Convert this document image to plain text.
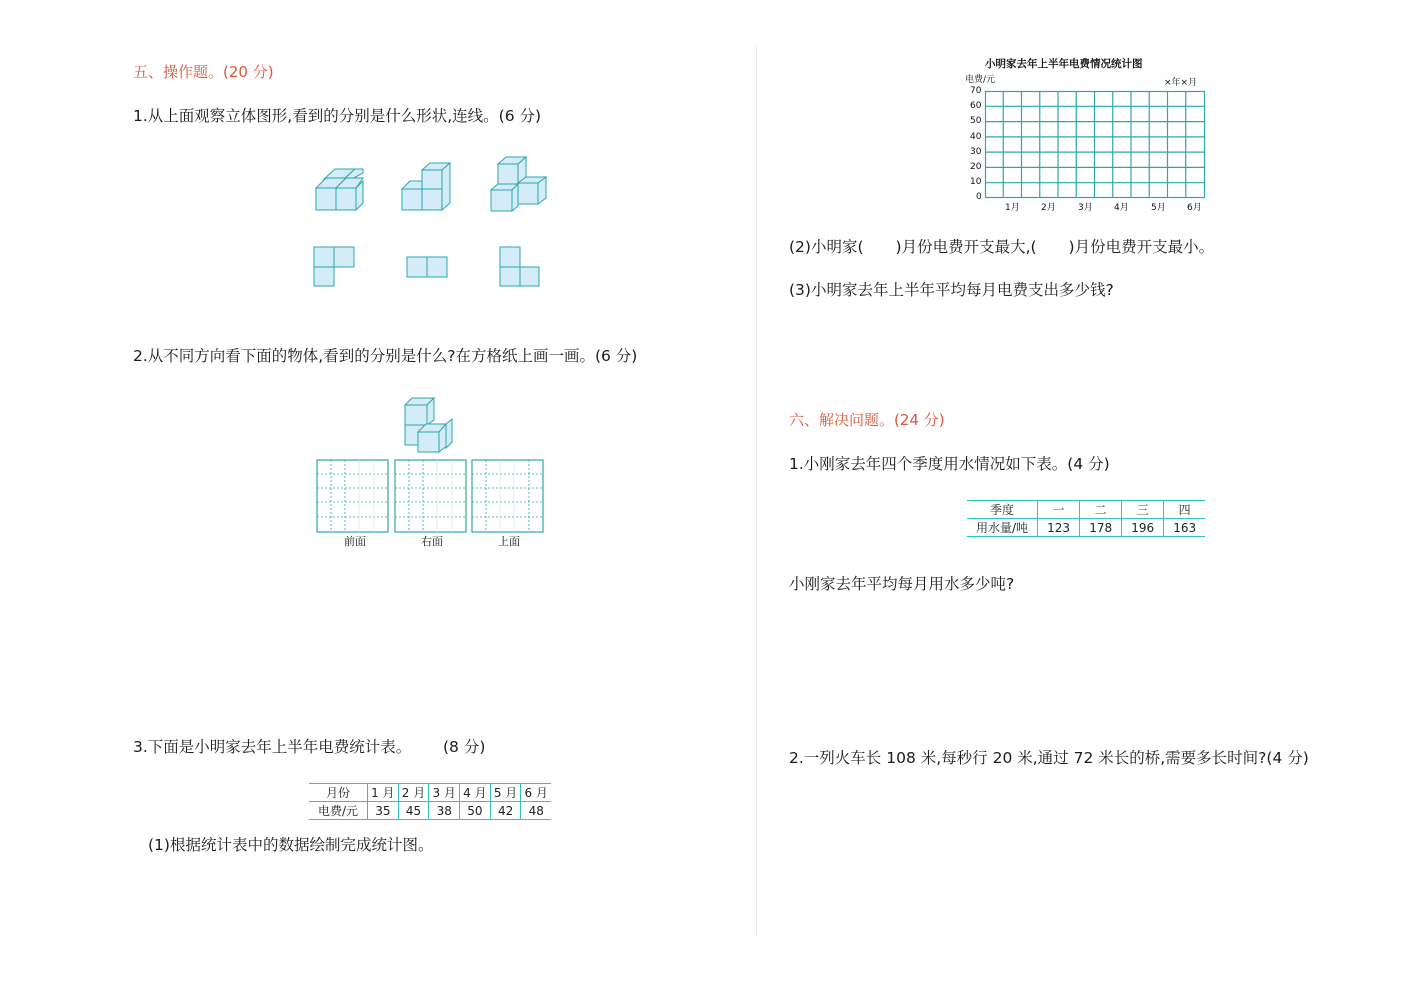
五、操作题。(20 分)
1.从上面观察立体图形,看到的分别是什么形状,连线。(6 分)
2.从不同方向看下面的物体,看到的分别是什么?在方格纸上画一画。(6 分)
前面	右面	上面
3.下面是小明家去年上半年电费统计表。 (8 分)
月份	1 月	2 月	3 月	4 月	5 月	6 月
电费/元	35	45	38	50	42	48
(1)根据统计表中的数据绘制完成统计图。
小明家去年上半年电费情况统计图
电费/元	×年×月
70
60
50
40
30
20
10
0
1月 2月 3月 4月 5月 6月
(2)小明家( )月份电费开支最大,( )月份电费开支最小。
(3)小明家去年上半年平均每月电费支出多少钱?
六、解决问题。(24 分)
1.小刚家去年四个季度用水情况如下表。(4 分)
季度	一	二	三	四
用水量/吨	123	178	196	163
小刚家去年平均每月用水多少吨?
2.一列火车长 108 米,每秒行 20 米,通过 72 米长的桥,需要多长时间?(4 分)
